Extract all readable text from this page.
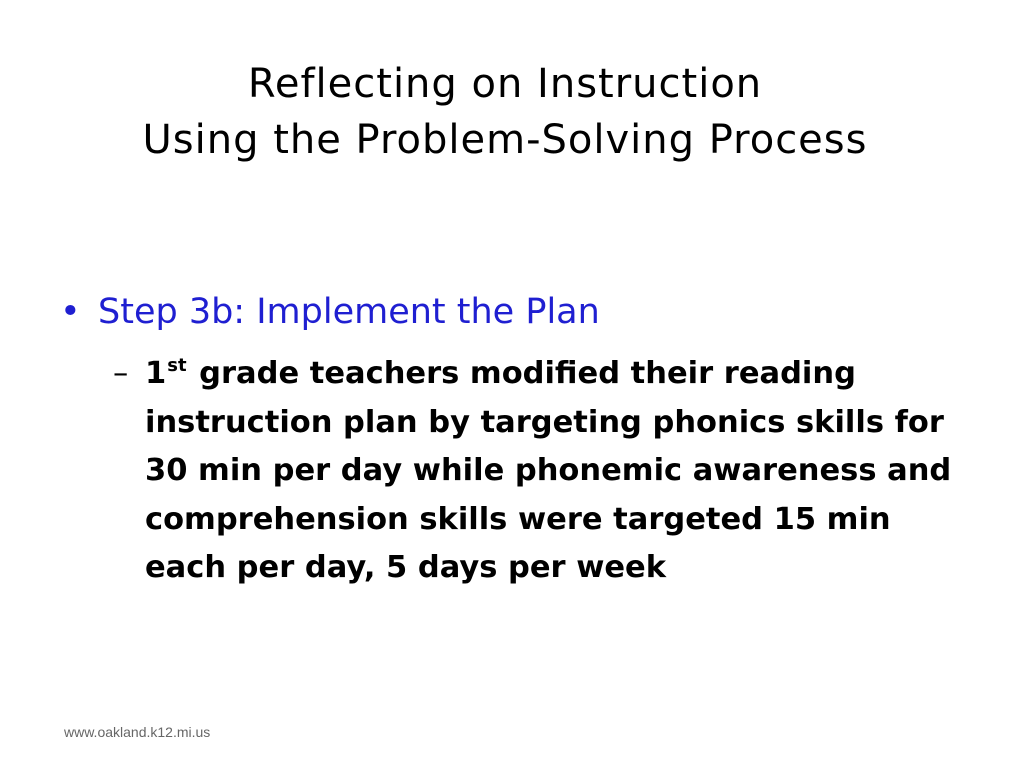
Reflecting on Instruction
Using the Problem-Solving Process
• Step 3b: Implement the Plan
– 1st grade teachers modified their reading instruction plan by targeting phonics skills for 30 min per day while phonemic awareness and comprehension skills were targeted 15 min each per day, 5 days per week
www.oakland.k12.mi.us
